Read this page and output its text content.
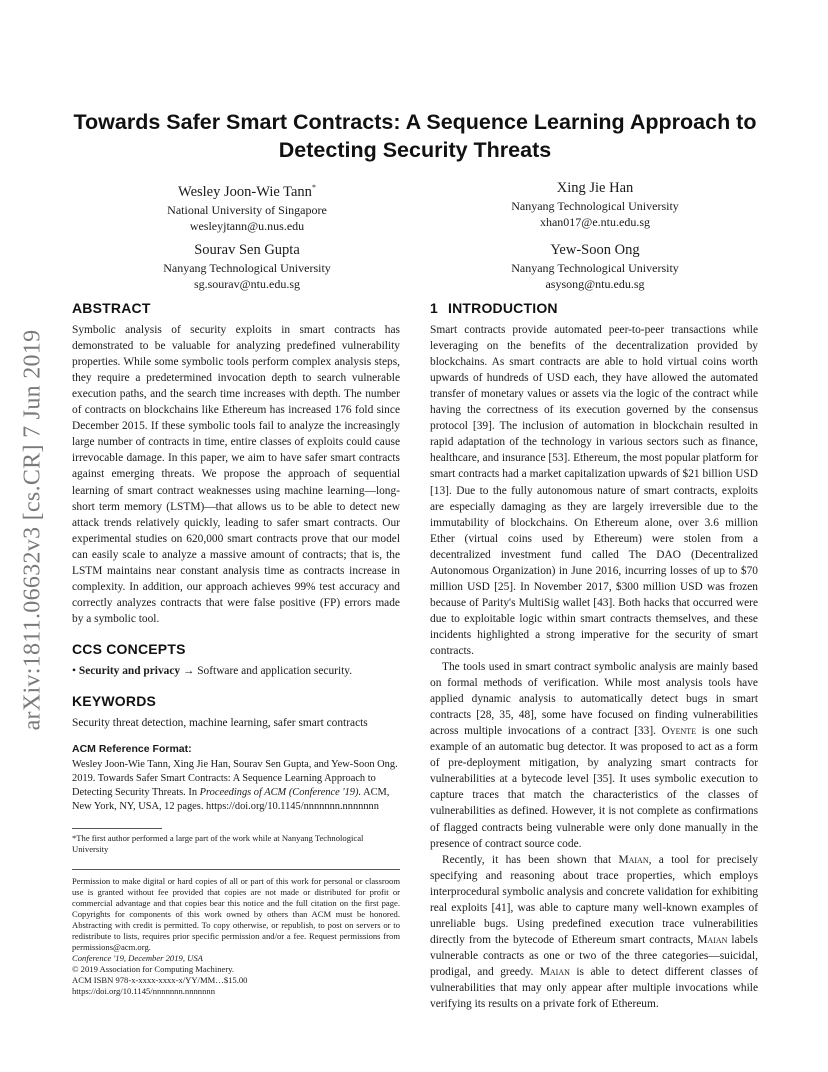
arXiv:1811.06632v3 [cs.CR] 7 Jun 2019
Towards Safer Smart Contracts: A Sequence Learning Approach to Detecting Security Threats
Wesley Joon-Wie Tann*
National University of Singapore
wesleyjtann@u.nus.edu
Xing Jie Han
Nanyang Technological University
xhan017@e.ntu.edu.sg
Sourav Sen Gupta
Nanyang Technological University
sg.sourav@ntu.edu.sg
Yew-Soon Ong
Nanyang Technological University
asysong@ntu.edu.sg
ABSTRACT

Symbolic analysis of security exploits in smart contracts has demonstrated to be valuable for analyzing predefined vulnerability properties. While some symbolic tools perform complex analysis steps, they require a predetermined invocation depth to search vulnerable execution paths, and the search time increases with depth. The number of contracts on blockchains like Ethereum has increased 176 fold since December 2015. If these symbolic tools fail to analyze the increasingly large number of contracts in time, entire classes of exploits could cause irrevocable damage. In this paper, we aim to have safer smart contracts against emerging threats. We propose the approach of sequential learning of smart contract weaknesses using machine learning—long-short term memory (LSTM)—that allows us to be able to detect new attack trends relatively quickly, leading to safer smart contracts. Our experimental studies on 620,000 smart contracts prove that our model can easily scale to analyze a massive amount of contracts; that is, the LSTM maintains near constant analysis time as contracts increase in complexity. In addition, our approach achieves 99% test accuracy and correctly analyzes contracts that were false positive (FP) errors made by a symbolic tool.

CCS CONCEPTS

• Security and privacy → Software and application security.

KEYWORDS

Security threat detection, machine learning, safer smart contracts

ACM Reference Format:

Wesley Joon-Wie Tann, Xing Jie Han, Sourav Sen Gupta, and Yew-Soon Ong. 2019. Towards Safer Smart Contracts: A Sequence Learning Approach to Detecting Security Threats. In Proceedings of ACM (Conference '19). ACM, New York, NY, USA, 12 pages. https://doi.org/10.1145/nnnnnnn.nnnnnnn

*The first author performed a large part of the work while at Nanyang Technological University

Permission to make digital or hard copies of all or part of this work for personal or classroom use is granted without fee provided that copies are not made or distributed for profit or commercial advantage and that copies bear this notice and the full citation on the first page. Copyrights for components of this work owned by others than ACM must be honored. Abstracting with credit is permitted. To copy otherwise, or republish, to post on servers or to redistribute to lists, requires prior specific permission and/or a fee. Request permissions from permissions@acm.org.

Conference '19, December 2019, USA
© 2019 Association for Computing Machinery.
ACM ISBN 978-x-xxxx-xxxx-x/YY/MM…$15.00
https://doi.org/10.1145/nnnnnnn.nnnnnnn
1 INTRODUCTION

Smart contracts provide automated peer-to-peer transactions while leveraging on the benefits of the decentralization provided by blockchains. As smart contracts are able to hold virtual coins worth upwards of hundreds of USD each, they have allowed the automated transfer of monetary values or assets via the logic of the contract while having the correctness of its execution governed by the consensus protocol [39]. The inclusion of automation in blockchain resulted in rapid adaptation of the technology in various sectors such as finance, healthcare, and insurance [53]. Ethereum, the most popular platform for smart contracts had a market capitalization upwards of $21 billion USD [13]. Due to the fully autonomous nature of smart contracts, exploits are especially damaging as they are largely irreversible due to the immutability of blockchains. On Ethereum alone, over 3.6 million Ether (virtual coins used by Ethereum) were stolen from a decentralized investment fund called The DAO (Decentralized Autonomous Organization) in June 2016, incurring losses of up to $70 million USD [25]. In November 2017, $300 million USD was frozen because of Parity's MultiSig wallet [43]. Both hacks that occurred were due to exploitable logic within smart contracts themselves, and these incidents highlighted a strong imperative for the security of smart contracts.

The tools used in smart contract symbolic analysis are mainly based on formal methods of verification. While most analysis tools have applied dynamic analysis to automatically detect bugs in smart contracts [28, 35, 48], some have focused on finding vulnerabilities across multiple invocations of a contract [33]. Oyente is one such example of an automatic bug detector. It was proposed to act as a form of pre-deployment mitigation, by analyzing smart contracts for vulnerabilities at a bytecode level [35]. It uses symbolic execution to capture traces that match the characteristics of the classes of vulnerabilities as defined. However, it is not complete as confirmations of flagged contracts being vulnerable were only done manually in the presence of contract source code.

Recently, it has been shown that Maian, a tool for precisely specifying and reasoning about trace properties, which employs interprocedural symbolic analysis and concrete validation for exhibiting real exploits [41], was able to capture many well-known examples of unreliable bugs. Using predefined execution trace vulnerabilities directly from the bytecode of Ethereum smart contracts, Maian labels vulnerable contracts as one or two of the three categories—suicidal, prodigal, and greedy. Maian is able to detect different classes of vulnerabilities that may only appear after multiple invocations while verifying its results on a private fork of Ethereum.
